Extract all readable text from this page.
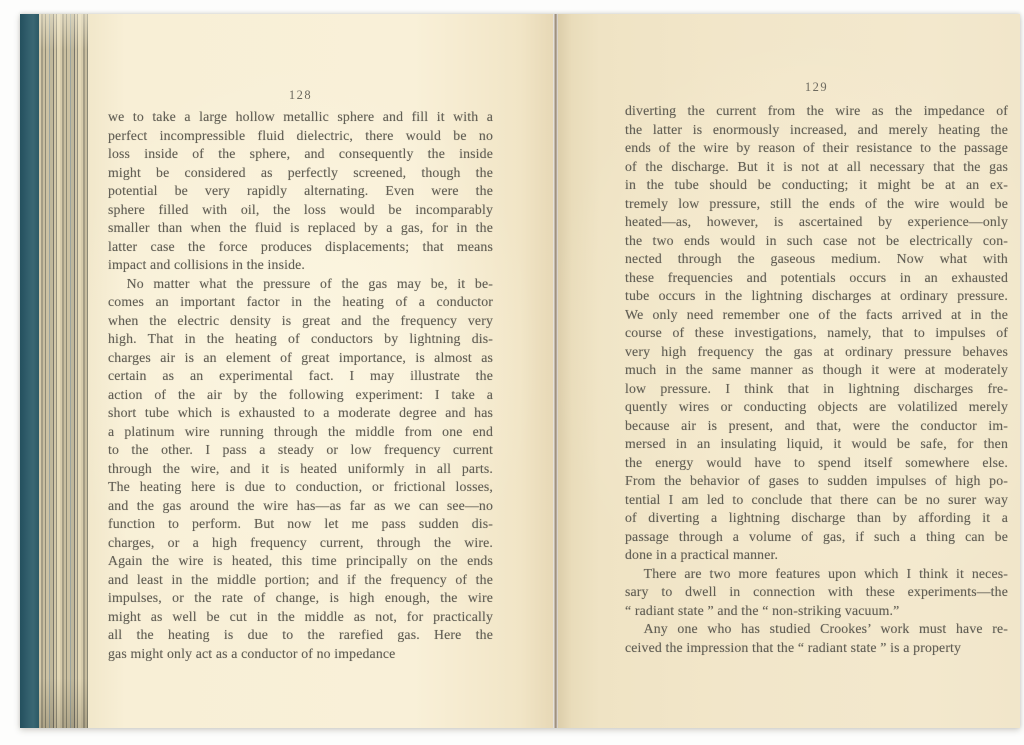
128
we to take a large hollow metallic sphere and fill it with a
perfect incompressible fluid dielectric, there would be no
loss inside of the sphere, and consequently the inside
might be considered as perfectly screened, though the
potential be very rapidly alternating. Even were the
sphere filled with oil, the loss would be incomparably
smaller than when the fluid is replaced by a gas, for in the
latter case the force produces displacements; that means
impact and collisions in the inside.
No matter what the pressure of the gas may be, it be-
comes an important factor in the heating of a conductor
when the electric density is great and the frequency very
high. That in the heating of conductors by lightning dis-
charges air is an element of great importance, is almost as
certain as an experimental fact. I may illustrate the
action of the air by the following experiment: I take a
short tube which is exhausted to a moderate degree and has
a platinum wire running through the middle from one end
to the other. I pass a steady or low frequency current
through the wire, and it is heated uniformly in all parts.
The heating here is due to conduction, or frictional losses,
and the gas around the wire has—as far as we can see—no
function to perform. But now let me pass sudden dis-
charges, or a high frequency current, through the wire.
Again the wire is heated, this time principally on the ends
and least in the middle portion; and if the frequency of the
impulses, or the rate of change, is high enough, the wire
might as well be cut in the middle as not, for practically
all the heating is due to the rarefied gas. Here the
gas might only act as a conductor of no impedance
129
diverting the current from the wire as the impedance of
the latter is enormously increased, and merely heating the
ends of the wire by reason of their resistance to the passage
of the discharge. But it is not at all necessary that the gas
in the tube should be conducting; it might be at an ex-
tremely low pressure, still the ends of the wire would be
heated—as, however, is ascertained by experience—only
the two ends would in such case not be electrically con-
nected through the gaseous medium. Now what with
these frequencies and potentials occurs in an exhausted
tube occurs in the lightning discharges at ordinary pressure.
We only need remember one of the facts arrived at in the
course of these investigations, namely, that to impulses of
very high frequency the gas at ordinary pressure behaves
much in the same manner as though it were at moderately
low pressure. I think that in lightning discharges fre-
quently wires or conducting objects are volatilized merely
because air is present, and that, were the conductor im-
mersed in an insulating liquid, it would be safe, for then
the energy would have to spend itself somewhere else.
From the behavior of gases to sudden impulses of high po-
tential I am led to conclude that there can be no surer way
of diverting a lightning discharge than by affording it a
passage through a volume of gas, if such a thing can be
done in a practical manner.
There are two more features upon which I think it neces-
sary to dwell in connection with these experiments—the
“ radiant state ” and the “ non-striking vacuum.”
Any one who has studied Crookes’ work must have re-
ceived the impression that the “ radiant state ” is a property
